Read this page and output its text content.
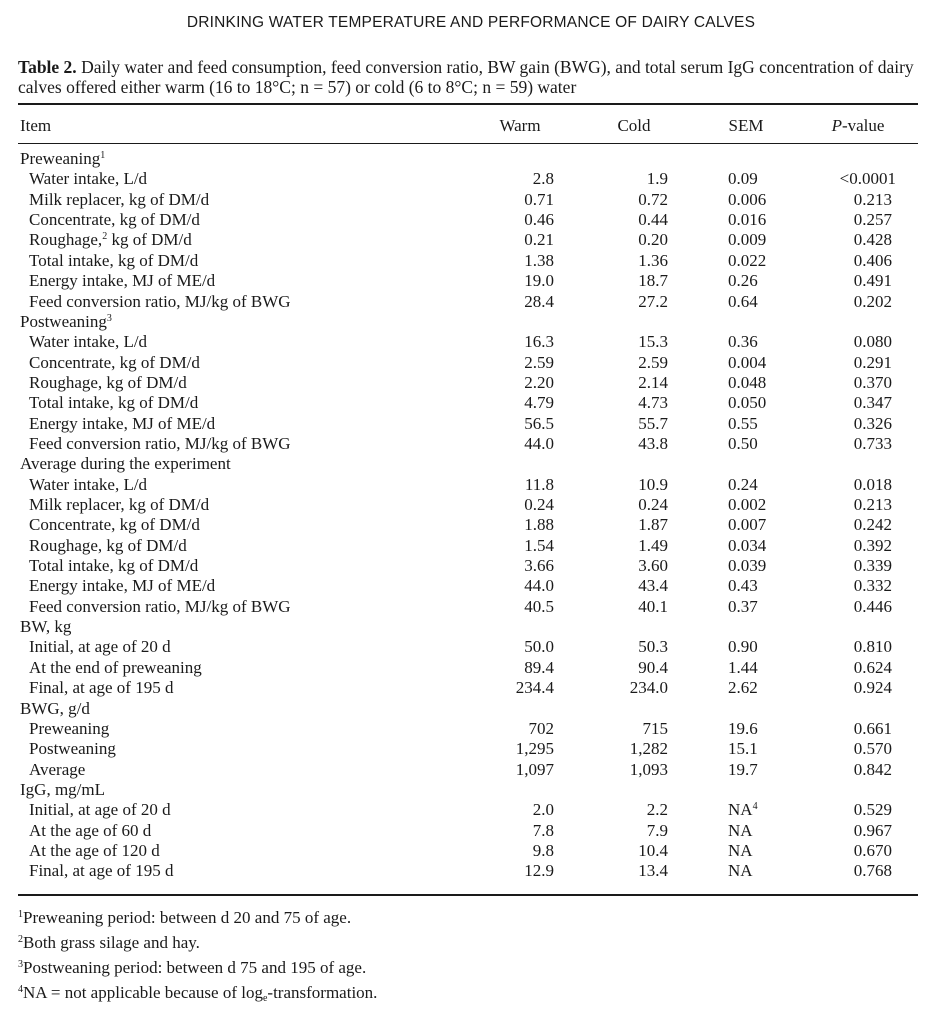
DRINKING WATER TEMPERATURE AND PERFORMANCE OF DAIRY CALVES
Table 2. Daily water and feed consumption, feed conversion ratio, BW gain (BWG), and total serum IgG concentration of dairy calves offered either warm (16 to 18°C; n = 57) or cold (6 to 8°C; n = 59) water
Item	Warm	Cold	SEM	P-value
Preweaning$^1$
Water intake, L/d	2.8	1.9	0.09	<0.0001
Milk replacer, kg of DM/d	0.71	0.72	0.006	0.213
Concentrate, kg of DM/d	0.46	0.44	0.016	0.257
Roughage,$^2$ kg of DM/d	0.21	0.20	0.009	0.428
Total intake, kg of DM/d	1.38	1.36	0.022	0.406
Energy intake, MJ of ME/d	19.0	18.7	0.26	0.491
Feed conversion ratio, MJ/kg of BWG	28.4	27.2	0.64	0.202
Postweaning$^3$
Water intake, L/d	16.3	15.3	0.36	0.080
Concentrate, kg of DM/d	2.59	2.59	0.004	0.291
Roughage, kg of DM/d	2.20	2.14	0.048	0.370
Total intake, kg of DM/d	4.79	4.73	0.050	0.347
Energy intake, MJ of ME/d	56.5	55.7	0.55	0.326
Feed conversion ratio, MJ/kg of BWG	44.0	43.8	0.50	0.733
Average during the experiment
Water intake, L/d	11.8	10.9	0.24	0.018
Milk replacer, kg of DM/d	0.24	0.24	0.002	0.213
Concentrate, kg of DM/d	1.88	1.87	0.007	0.242
Roughage, kg of DM/d	1.54	1.49	0.034	0.392
Total intake, kg of DM/d	3.66	3.60	0.039	0.339
Energy intake, MJ of ME/d	44.0	43.4	0.43	0.332
Feed conversion ratio, MJ/kg of BWG	40.5	40.1	0.37	0.446
BW, kg
Initial, at age of 20 d	50.0	50.3	0.90	0.810
At the end of preweaning	89.4	90.4	1.44	0.624
Final, at age of 195 d	234.4	234.0	2.62	0.924
BWG, g/d
Preweaning	702	715	19.6	0.661
Postweaning	1,295	1,282	15.1	0.570
Average	1,097	1,093	19.7	0.842
IgG, mg/mL
Initial, at age of 20 d	2.0	2.2	$NA^4$	0.529
At the age of 60 d	7.8	7.9	NA	0.967
At the age of 120 d	9.8	10.4	NA	0.670
Final, at age of 195 d	12.9	13.4	NA	0.768
$^1$Preweaning period: between d 20 and 75 of age.
$^2$Both grass silage and hay.
$^3$Postweaning period: between d 75 and 195 of age.
$^4$NA = not applicable because of $\log_e$-transformation.
